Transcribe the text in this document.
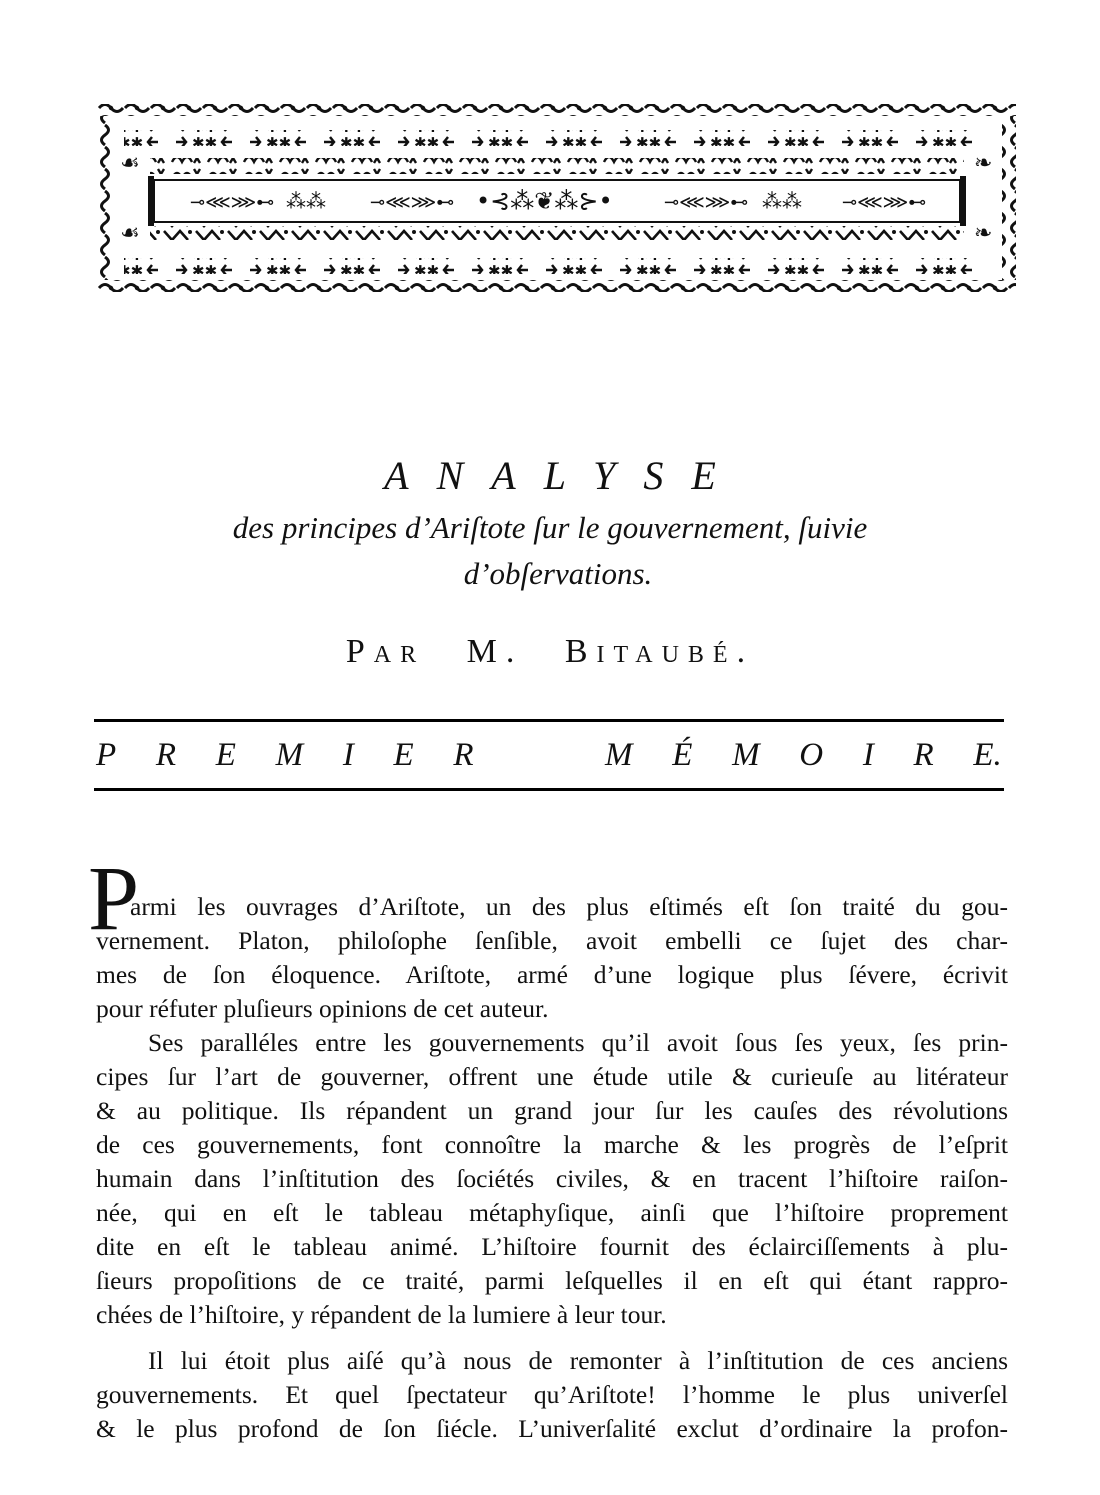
☙
☙
❧
❧
⊸⋘⋙⊷ ⁂⁂ ⊸⋘⋙⊷ •⊰⁂❦⁂⊱•	⊸⋘⋙⊷ ⁂⁂ ⊸⋘⋙⊷
ANALYSE
des principes d’Ariſtote ſur le gouvernement, ſuivie
d’obſervations.
Par M. Bitaubé.
P R E M I E R	M É M O I R E.
P
armi les ouvrages d’Ariſtote, un des plus eſtimés eſt ſon traité du gou-
vernement. Platon, philoſophe ſenſible, avoit embelli ce ſujet des char-
mes de ſon éloquence. Ariſtote, armé d’une logique plus ſévere, écrivit
pour réfuter pluſieurs opinions de cet auteur.
Ses paralléles entre les gouvernements qu’il avoit ſous ſes yeux, ſes prin-
cipes ſur l’art de gouverner, offrent une étude utile & curieuſe au litérateur
& au politique. Ils répandent un grand jour ſur les cauſes des révolutions
de ces gouvernements, font connoître la marche & les progrès de l’eſprit
humain dans l’inſtitution des ſociétés civiles, & en tracent l’hiſtoire raiſon-
née, qui en eſt le tableau métaphyſique, ainſi que l’hiſtoire proprement
dite en eſt le tableau animé. L’hiſtoire fournit des éclairciſſements à plu-
ſieurs propoſitions de ce traité, parmi leſquelles il en eſt qui étant rappro-
chées de l’hiſtoire, y répandent de la lumiere à leur tour.
Il lui étoit plus aiſé qu’à nous de remonter à l’inſtitution de ces anciens
gouvernements. Et quel ſpectateur qu’Ariſtote! l’homme le plus univerſel
& le plus profond de ſon ſiécle. L’univerſalité exclut d’ordinaire la profon-
